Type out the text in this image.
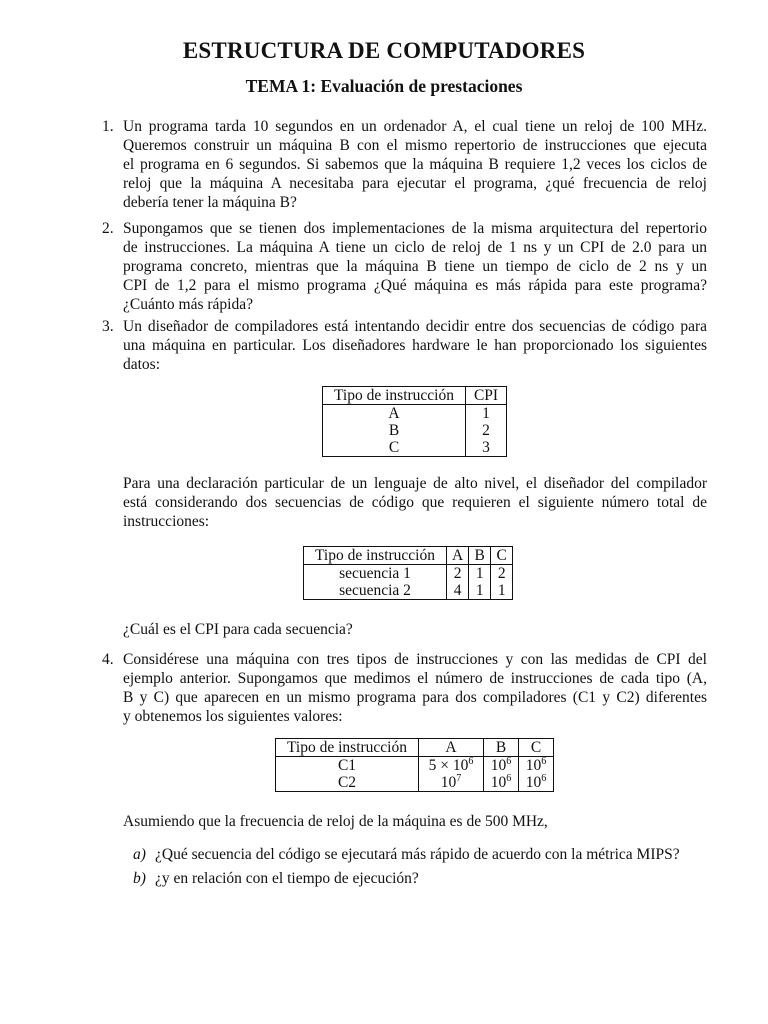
ESTRUCTURA DE COMPUTADORES
TEMA 1: Evaluación de prestaciones
1. Un programa tarda 10 segundos en un ordenador A, el cual tiene un reloj de 100 MHz.
Queremos construir un máquina B con el mismo repertorio de instrucciones que ejecuta
el programa en 6 segundos. Si sabemos que la máquina B requiere 1,2 veces los ciclos de
reloj que la máquina A necesitaba para ejecutar el programa, ¿qué frecuencia de reloj
debería tener la máquina B?
2. Supongamos que se tienen dos implementaciones de la misma arquitectura del repertorio
de instrucciones. La máquina A tiene un ciclo de reloj de 1 ns y un CPI de 2.0 para un
programa concreto, mientras que la máquina B tiene un tiempo de ciclo de 2 ns y un
CPI de 1,2 para el mismo programa ¿Qué máquina es más rápida para este programa?
¿Cuánto más rápida?
3. Un diseñador de compiladores está intentando decidir entre dos secuencias de código para
una máquina en particular. Los diseñadores hardware le han proporcionado los siguientes
datos:
Tipo de instrucción	CPI
A	1
B	2
C	3
Para una declaración particular de un lenguaje de alto nivel, el diseñador del compilador
está considerando dos secuencias de código que requieren el siguiente número total de
instrucciones:
Tipo de instrucción	A	B	C
secuencia 1	2	1	2
secuencia 2	4	1	1
¿Cuál es el CPI para cada secuencia?
4. Considérese una máquina con tres tipos de instrucciones y con las medidas de CPI del
ejemplo anterior. Supongamos que medimos el número de instrucciones de cada tipo (A,
B y C) que aparecen en un mismo programa para dos compiladores (C1 y C2) diferentes
y obtenemos los siguientes valores:
Tipo de instrucción	A	B	C
C1	$5 \times 10^6$	$10^6$	$10^6$
C2	$10^7$	$10^6$	$10^6$
Asumiendo que la frecuencia de reloj de la máquina es de 500 MHz,
a) ¿Qué secuencia del código se ejecutará más rápido de acuerdo con la métrica MIPS?
b) ¿y en relación con el tiempo de ejecución?
